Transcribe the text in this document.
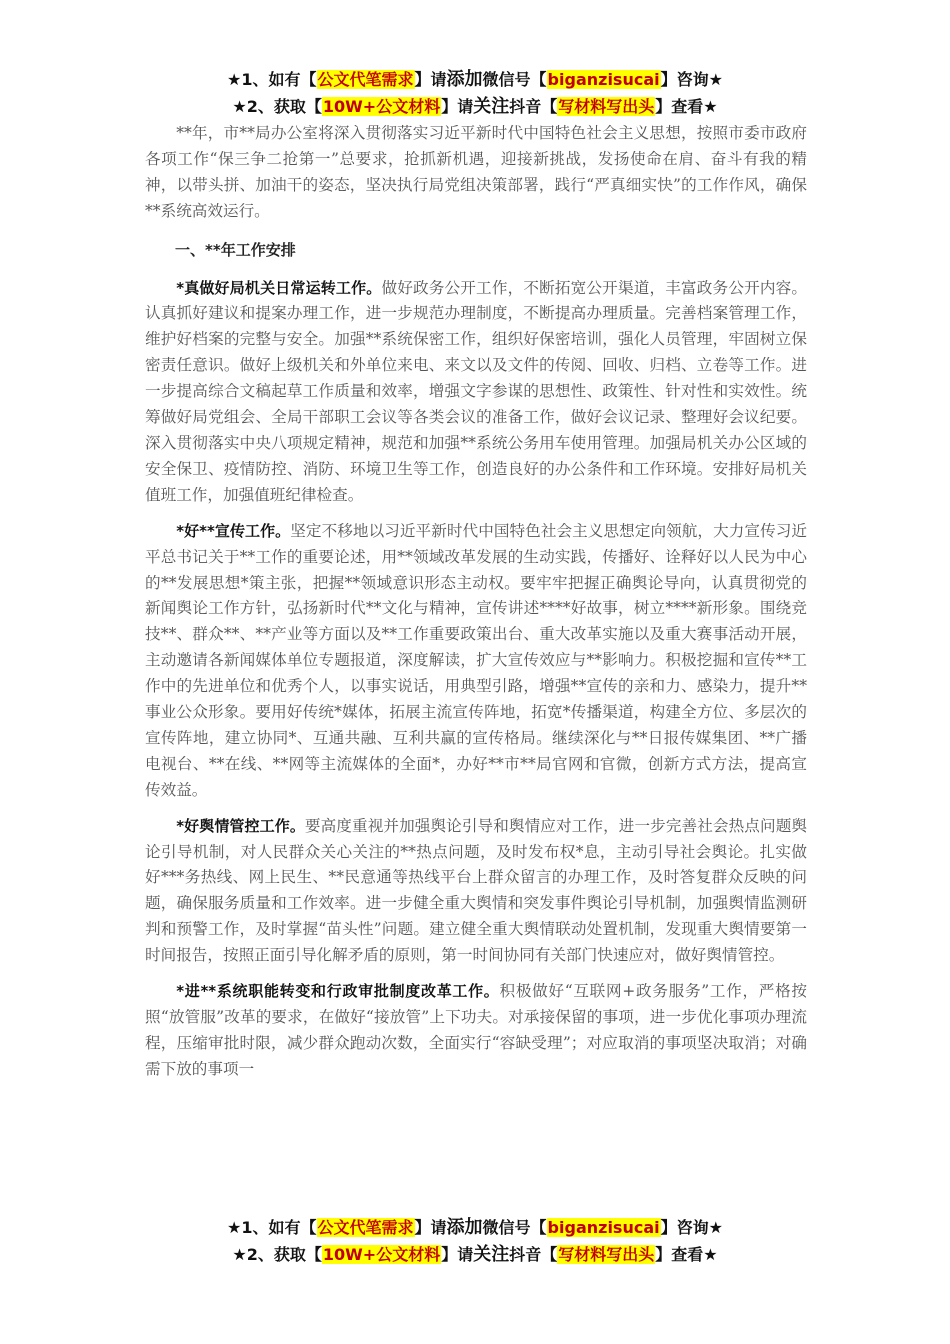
★1、如有【公文代笔需求】请添加微信号【biganzisucai】咨询★
★2、获取【10W+公文材料】请关注抖音【写材料写出头】查看★

**年，市**局办公室将深入贯彻落实习近平新时代中国特色社会主义思想，按照市委市政府各项工作“保三争二抢第一”总要求，抢抓新机遇，迎接新挑战，发扬使命在肩、奋斗有我的精神，以带头拼、加油干的姿态，坚决执行局党组决策部署，践行“严真细实快”的工作作风，确保**系统高效运行。

一、**年工作安排

*真做好局机关日常运转工作。做好政务公开工作，不断拓宽公开渠道，丰富政务公开内容。认真抓好建议和提案办理工作，进一步规范办理制度，不断提高办理质量。完善档案管理工作，维护好档案的完整与安全。加强**系统保密工作，组织好保密培训，强化人员管理，牢固树立保密责任意识。做好上级机关和外单位来电、来文以及文件的传阅、回收、归档、立卷等工作。进一步提高综合文稿起草工作质量和效率，增强文字参谋的思想性、政策性、针对性和实效性。统筹做好局党组会、全局干部职工会议等各类会议的准备工作，做好会议记录、整理好会议纪要。深入贯彻落实中央八项规定精神，规范和加强**系统公务用车使用管理。加强局机关办公区域的安全保卫、疫情防控、消防、环境卫生等工作，创造良好的办公条件和工作环境。安排好局机关值班工作，加强值班纪律检查。

*好**宣传工作。坚定不移地以习近平新时代中国特色社会主义思想定向领航，大力宣传习近平总书记关于**工作的重要论述，用**领域改革发展的生动实践，传播好、诠释好以人民为中心的**发展思想*策主张，把握**领域意识形态主动权。要牢牢把握正确舆论导向，认真贯彻党的新闻舆论工作方针，弘扬新时代**文化与精神，宣传讲述****好故事，树立****新形象。围绕竞技**、群众**、**产业等方面以及**工作重要政策出台、重大改革实施以及重大赛事活动开展，主动邀请各新闻媒体单位专题报道，深度解读，扩大宣传效应与**影响力。积极挖掘和宣传**工作中的先进单位和优秀个人，以事实说话，用典型引路，增强**宣传的亲和力、感染力，提升**事业公众形象。要用好传统*媒体，拓展主流宣传阵地，拓宽*传播渠道，构建全方位、多层次的宣传阵地，建立协同*、互通共融、互利共赢的宣传格局。继续深化与**日报传媒集团、**广播电视台、**在线、**网等主流媒体的全面*，办好**市**局官网和官微，创新方式方法，提高宣传效益。

*好舆情管控工作。要高度重视并加强舆论引导和舆情应对工作，进一步完善社会热点问题舆论引导机制，对人民群众关心关注的**热点问题，及时发布权*息，主动引导社会舆论。扎实做好***务热线、网上民生、**民意通等热线平台上群众留言的办理工作，及时答复群众反映的问题，确保服务质量和工作效率。进一步健全重大舆情和突发事件舆论引导机制，加强舆情监测研判和预警工作，及时掌握“苗头性”问题。建立健全重大舆情联动处置机制，发现重大舆情要第一时间报告，按照正面引导化解矛盾的原则，第一时间协同有关部门快速应对，做好舆情管控。

*进**系统职能转变和行政审批制度改革工作。积极做好“互联网+政务服务”工作，严格按照“放管服”改革的要求，在做好“接放管”上下功夫。对承接保留的事项，进一步优化事项办理流程，压缩审批时限，减少群众跑动次数，全面实行“容缺受理”；对应取消的事项坚决取消；对确需下放的事项一

★1、如有【公文代笔需求】请添加微信号【biganzisucai】咨询★
★2、获取【10W+公文材料】请关注抖音【写材料写出头】查看★
